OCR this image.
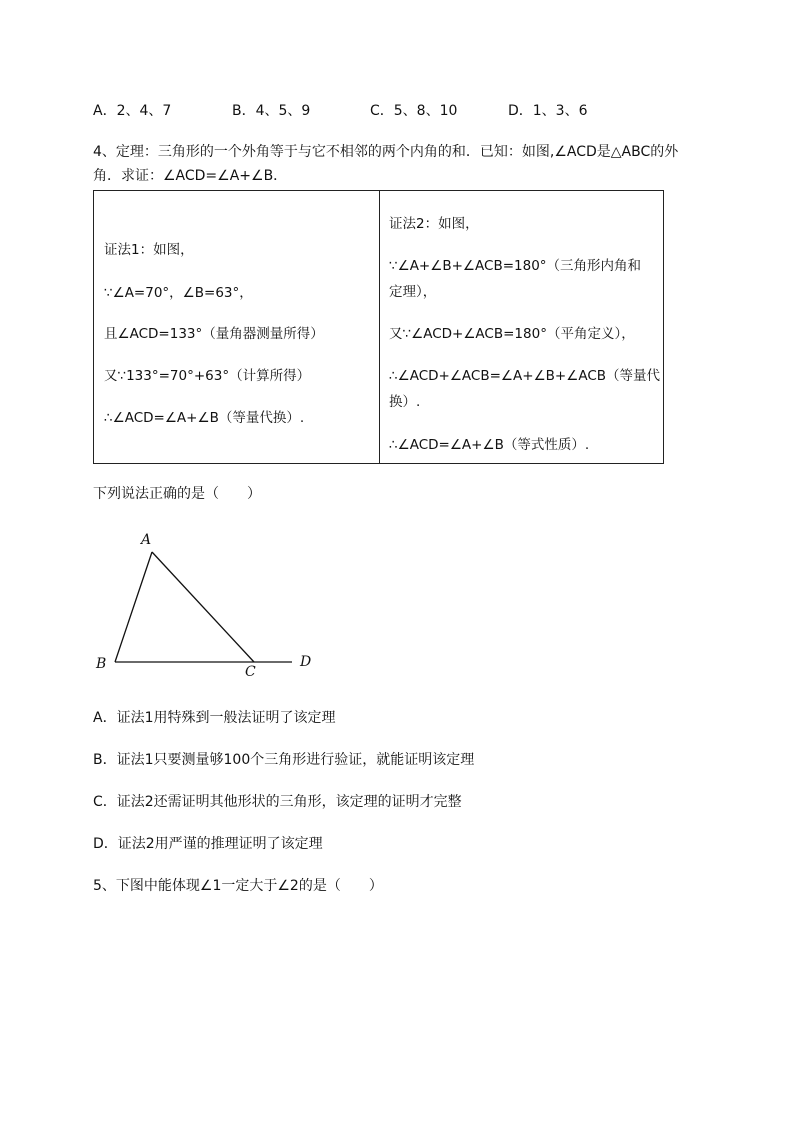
A．2、4、7	B．4、5、9	C．5、8、10	D．1、3、6
4、定理：三角形的一个外角等于与它不相邻的两个内角的和．已知：如图,∠ACD是△ABC的外
角．求证：∠ACD=∠A+∠B．
证法1：如图，
∵∠A=70°，∠B=63°，
且∠ACD=133°（量角器测量所得）
又∵133°=70°+63°（计算所得）
∴∠ACD=∠A+∠B（等量代换）.
证法2：如图，
∵∠A+∠B+∠ACB=180°（三角形内角和
定理），
又∵∠ACD+∠ACB=180°（平角定义），
∴∠ACD+∠ACB=∠A+∠B+∠ACB（等量代
换）.
∴∠ACD=∠A+∠B（等式性质）.
下列说法正确的是（　　）
A
B	C
D
A．证法1用特殊到一般法证明了该定理
B．证法1只要测量够100个三角形进行验证，就能证明该定理
C．证法2还需证明其他形状的三角形，该定理的证明才完整
D．证法2用严谨的推理证明了该定理
5、下图中能体现∠1一定大于∠2的是（　　）
